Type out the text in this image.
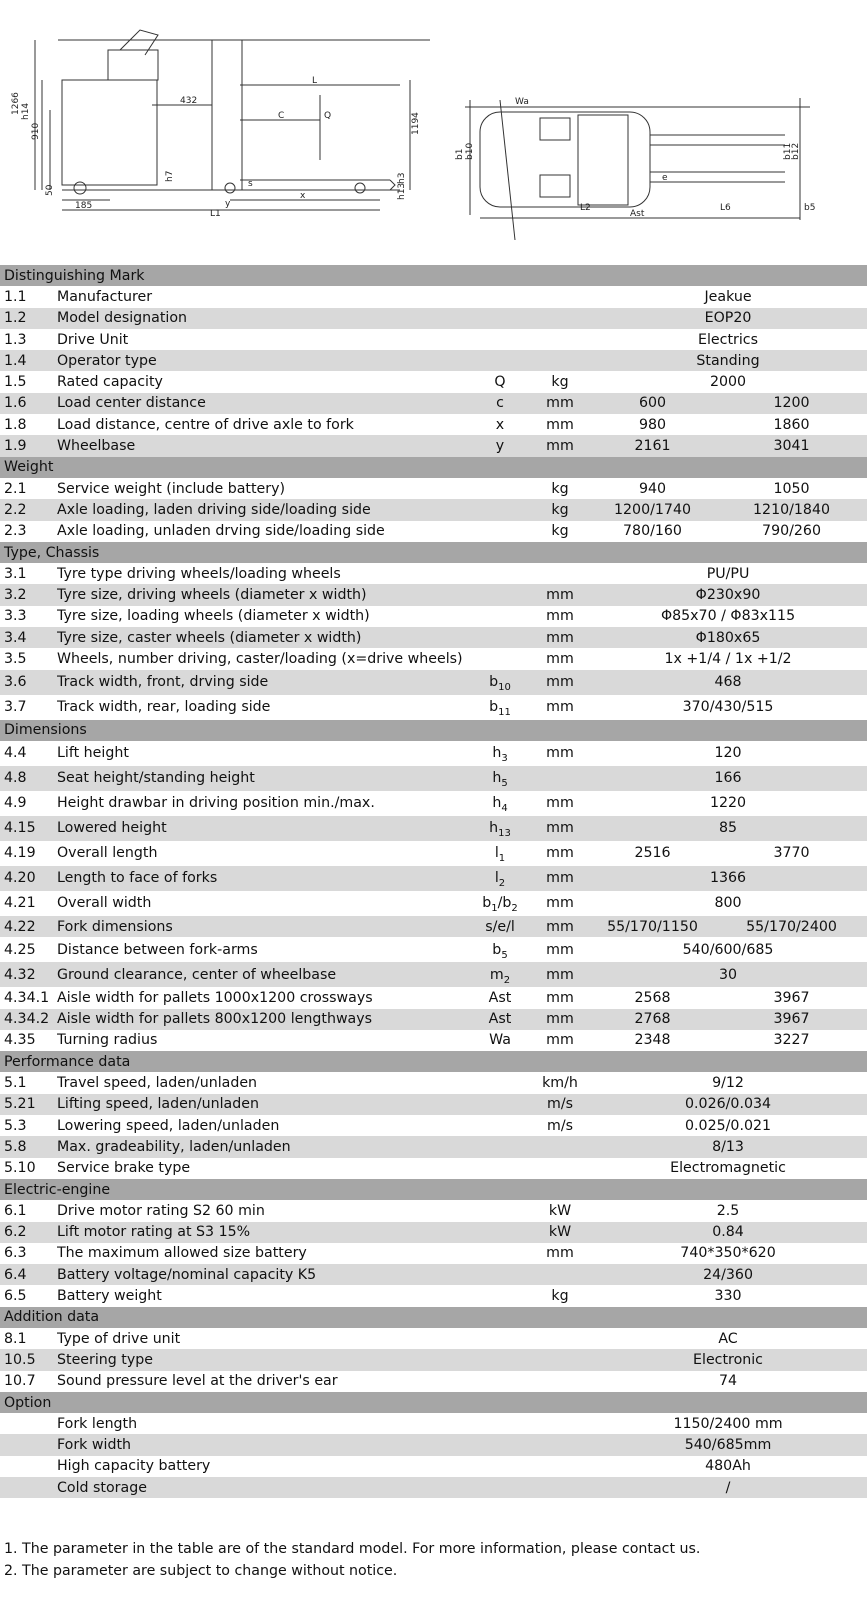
1266 h14
910
50
185
432
L
C	Q	1194
h7	h3
h13
s
x
y
L1
Wa
b1 b10	b11
b12
e
L2
Ast
L6	b5
Distinguishing Mark					
1.1	Manufacturer			Jeakue	
1.2	Model designation			EOP20	
1.3	Drive Unit			Electrics	
1.4	Operator type			Standing	
1.5	Rated capacity	Q	kg	2000	
1.6	Load center distance	c	mm	600	1200
1.8	Load distance, centre of drive axle to fork	x	mm	980	1860
1.9	Wheelbase	y	mm	2161	3041
Weight					
2.1	Service weight (include battery)		kg	940	1050
2.2	Axle loading, laden driving side/loading side		kg	1200/1740	1210/1840
2.3	Axle loading, unladen drving side/loading side		kg	780/160	790/260
Type, Chassis					
3.1	Tyre type driving wheels/loading wheels			PU/PU	
3.2	Tyre size, driving wheels (diameter x width)		mm	Φ230x90	
3.3	Tyre size, loading wheels (diameter x width)		mm	Φ85x70 / Φ83x115	
3.4	Tyre size, caster wheels (diameter x width)		mm	Φ180x65	
3.5	Wheels, number driving, caster/loading (x=drive wheels)		mm	1x +1/4 / 1x +1/2	
3.6	Track width, front, drving side	$b_{10}$	mm	468	
3.7	Track width, rear, loading side	$b_{11}$	mm	370/430/515	
Dimensions					
4.4	Lift height	$h_3$	mm	120	
4.8	Seat height/standing height	$h_5$		166	
4.9	Height drawbar in driving position min./max.	$h_4$	mm	1220	
4.15	Lowered height	$h_{13}$	mm	85	
4.19	Overall length	$l_1$	mm	2516	3770
4.20	Length to face of forks	$l_2$	mm	1366	
4.21	Overall width	$b_1/b_2$	mm	800	
4.22	Fork dimensions	s/e/l	mm	55/170/1150	55/170/2400
4.25	Distance between fork-arms	$b_5$	mm	540/600/685	
4.32	Ground clearance, center of wheelbase	$m_2$	mm	30	
4.34.1	Aisle width for pallets 1000x1200 crossways	Ast	mm	2568	3967
4.34.2	Aisle width for pallets 800x1200 lengthways	Ast	mm	2768	3967
4.35	Turning radius	Wa	mm	2348	3227
Performance data					
5.1	Travel speed, laden/unladen		km/h	9/12	
5.21	Lifting speed, laden/unladen		m/s	0.026/0.034	
5.3	Lowering speed, laden/unladen		m/s	0.025/0.021	
5.8	Max. gradeability, laden/unladen			8/13	
5.10	Service brake type			Electromagnetic	
Electric-engine					
6.1	Drive motor rating S2 60 min		kW	2.5	
6.2	Lift motor rating at S3 15%		kW	0.84	
6.3	The maximum allowed size battery		mm	740*350*620	
6.4	Battery voltage/nominal capacity K5			24/360	
6.5	Battery weight		kg	330	
Addition data					
8.1	Type of drive unit			AC	
10.5	Steering type			Electronic	
10.7	Sound pressure level at the driver's ear			74	
Option					
	Fork length			1150/2400 mm	
	Fork width			540/685mm	
	High capacity battery			480Ah	
	Cold storage			/	
1. The parameter in the table are of the standard model. For more information, please contact us.
2. The parameter are subject to change without notice.
